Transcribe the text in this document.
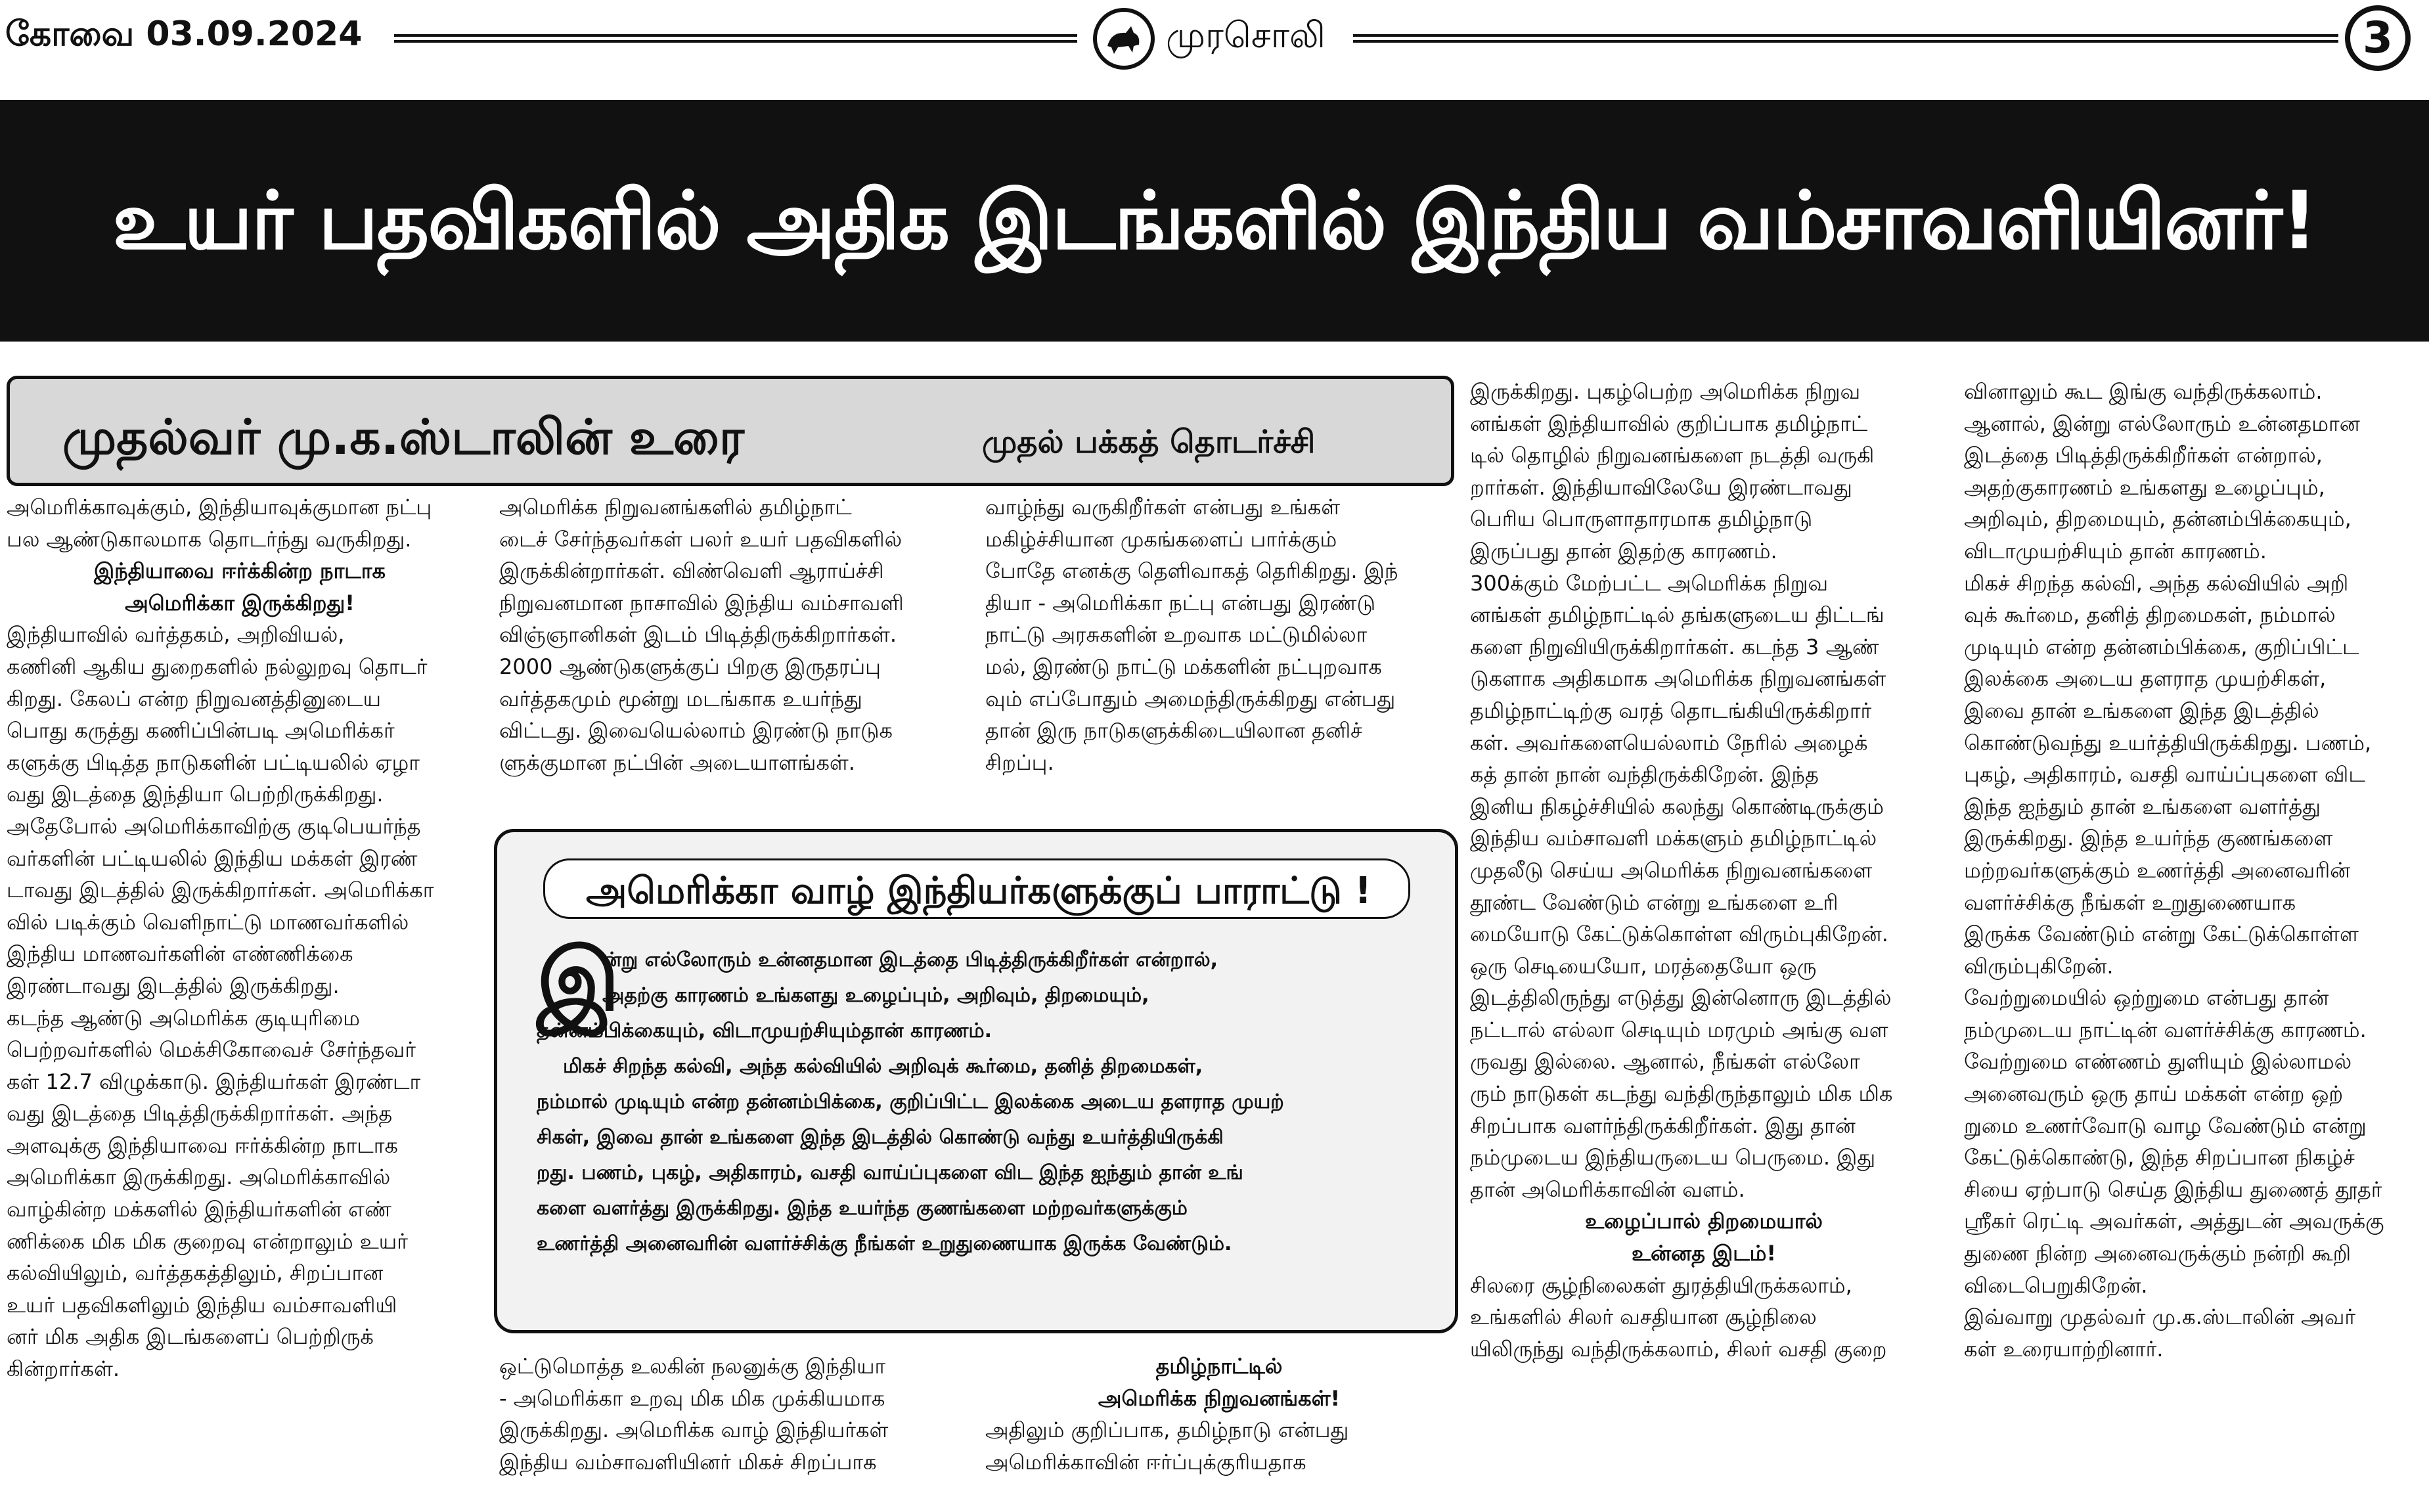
கோவை 03.09.2024	முரசொலி	3
உயர் பதவிகளில் அதிக இடங்களில் இந்திய வம்சாவளியினர்!
முதல்வர் மு.க.ஸ்டாலின் உரை	முதல் பக்கத் தொடர்ச்சி
அமெரிக்காவுக்கும், இந்தியாவுக்குமான நட்பு
பல ஆண்டுகாலமாக தொடர்ந்து வருகிறது.
இந்தியாவை ஈர்க்கின்ற நாடாக
அமெரிக்கா இருக்கிறது!
இந்தியாவில் வர்த்தகம், அறிவியல்,
கணினி ஆகிய துறைகளில் நல்லுறவு தொடர்
கிறது. கேலப் என்ற நிறுவனத்தினுடைய
பொது கருத்து கணிப்பின்படி அமெரிக்கர்
களுக்கு பிடித்த நாடுகளின் பட்டியலில் ஏழா
வது இடத்தை இந்தியா பெற்றிருக்கிறது.
அதேபோல் அமெரிக்காவிற்கு குடிபெயர்ந்த
வர்களின் பட்டியலில் இந்திய மக்கள் இரண்
டாவது இடத்தில் இருக்கிறார்கள். அமெரிக்கா
வில் படிக்கும் வெளிநாட்டு மாணவர்களில்
இந்திய மாணவர்களின் எண்ணிக்கை
இரண்டாவது இடத்தில் இருக்கிறது.
கடந்த ஆண்டு அமெரிக்க குடியுரிமை
பெற்றவர்களில் மெக்சிகோவைச் சேர்ந்தவர்
கள் 12.7 விழுக்காடு. இந்தியர்கள் இரண்டா
வது இடத்தை பிடித்திருக்கிறார்கள். அந்த
அளவுக்கு இந்தியாவை ஈர்க்கின்ற நாடாக
அமெரிக்கா இருக்கிறது. அமெரிக்காவில்
வாழ்கின்ற மக்களில் இந்தியர்களின் எண்
ணிக்கை மிக மிக குறைவு என்றாலும் உயர்
கல்வியிலும், வர்த்தகத்திலும், சிறப்பான
உயர் பதவிகளிலும் இந்திய வம்சாவளியி
னர் மிக அதிக இடங்களைப் பெற்றிருக்
கின்றார்கள்.
அமெரிக்க நிறுவனங்களில் தமிழ்நாட்
டைச் சேர்ந்தவர்கள் பலர் உயர் பதவிகளில்
இருக்கின்றார்கள். விண்வெளி ஆராய்ச்சி
நிறுவனமான நாசாவில் இந்திய வம்சாவளி
விஞ்ஞானிகள் இடம் பிடித்திருக்கிறார்கள்.
2000 ஆண்டுகளுக்குப் பிறகு இருதரப்பு
வர்த்தகமும் மூன்று மடங்காக உயர்ந்து
விட்டது. இவையெல்லாம் இரண்டு நாடுக
ளுக்குமான நட்பின் அடையாளங்கள்.
வாழ்ந்து வருகிறீர்கள் என்பது உங்கள்
மகிழ்ச்சியான முகங்களைப் பார்க்கும்
போதே எனக்கு தெளிவாகத் தெரிகிறது. இந்
தியா - அமெரிக்கா நட்பு என்பது இரண்டு
நாட்டு அரசுகளின் உறவாக மட்டுமில்லா
மல், இரண்டு நாட்டு மக்களின் நட்புறவாக
வும் எப்போதும் அமைந்திருக்கிறது என்பது
தான் இரு நாடுகளுக்கிடையிலான தனிச்
சிறப்பு.
அமெரிக்கா வாழ் இந்தியர்களுக்குப் பாராட்டு !
இ
ன்று எல்லோரும் உன்னதமான இடத்தை பிடித்திருக்கிறீர்கள் என்றால்,
அதற்கு காரணம் உங்களது உழைப்பும், அறிவும், திறமையும்,
தன்னம்பிக்கையும், விடாமுயற்சியும்தான் காரணம்.
மிகச் சிறந்த கல்வி, அந்த கல்வியில் அறிவுக் கூர்மை, தனித் திறமைகள்,
நம்மால் முடியும் என்ற தன்னம்பிக்கை, குறிப்பிட்ட இலக்கை அடைய தளராத முயற்
சிகள், இவை தான் உங்களை இந்த இடத்தில் கொண்டு வந்து உயர்த்தியிருக்கி
றது. பணம், புகழ், அதிகாரம், வசதி வாய்ப்புகளை விட இந்த ஐந்தும் தான் உங்
களை வளர்த்து இருக்கிறது. இந்த உயர்ந்த குணங்களை மற்றவர்களுக்கும்
உணர்த்தி அனைவரின் வளர்ச்சிக்கு நீங்கள் உறுதுணையாக இருக்க வேண்டும்.
ஒட்டுமொத்த உலகின் நலனுக்கு இந்தியா
- அமெரிக்கா உறவு மிக மிக முக்கியமாக
இருக்கிறது. அமெரிக்க வாழ் இந்தியர்கள்
இந்திய வம்சாவளியினர் மிகச் சிறப்பாக
தமிழ்நாட்டில்
அமெரிக்க நிறுவனங்கள்!
அதிலும் குறிப்பாக, தமிழ்நாடு என்பது
அமெரிக்காவின் ஈர்ப்புக்குரியதாக
இருக்கிறது. புகழ்பெற்ற அமெரிக்க நிறுவ
னங்கள் இந்தியாவில் குறிப்பாக தமிழ்நாட்
டில் தொழில் நிறுவனங்களை நடத்தி வருகி
றார்கள். இந்தியாவிலேயே இரண்டாவது
பெரிய பொருளாதாரமாக தமிழ்நாடு
இருப்பது தான் இதற்கு காரணம்.
300க்கும் மேற்பட்ட அமெரிக்க நிறுவ
னங்கள் தமிழ்நாட்டில் தங்களுடைய திட்டங்
களை நிறுவியிருக்கிறார்கள். கடந்த 3 ஆண்
டுகளாக அதிகமாக அமெரிக்க நிறுவனங்கள்
தமிழ்நாட்டிற்கு வரத் தொடங்கியிருக்கிறார்
கள். அவர்களையெல்லாம் நேரில் அழைக்
கத் தான் நான் வந்திருக்கிறேன். இந்த
இனிய நிகழ்ச்சியில் கலந்து கொண்டிருக்கும்
இந்திய வம்சாவளி மக்களும் தமிழ்நாட்டில்
முதலீடு செய்ய அமெரிக்க நிறுவனங்களை
தூண்ட வேண்டும் என்று உங்களை உரி
மையோடு கேட்டுக்கொள்ள விரும்புகிறேன்.
ஒரு செடியையோ, மரத்தையோ ஒரு
இடத்திலிருந்து எடுத்து இன்னொரு இடத்தில்
நட்டால் எல்லா செடியும் மரமும் அங்கு வள
ருவது இல்லை. ஆனால், நீங்கள் எல்லோ
ரும் நாடுகள் கடந்து வந்திருந்தாலும் மிக மிக
சிறப்பாக வளர்ந்திருக்கிறீர்கள். இது தான்
நம்முடைய இந்தியருடைய பெருமை. இது
தான் அமெரிக்காவின் வளம்.
உழைப்பால் திறமையால்
உன்னத இடம்!
சிலரை சூழ்நிலைகள் துரத்தியிருக்கலாம்,
உங்களில் சிலர் வசதியான சூழ்நிலை
யிலிருந்து வந்திருக்கலாம், சிலர் வசதி குறை
வினாலும் கூட இங்கு வந்திருக்கலாம்.
ஆனால், இன்று எல்லோரும் உன்னதமான
இடத்தை பிடித்திருக்கிறீர்கள் என்றால்,
அதற்குகாரணம் உங்களது உழைப்பும்,
அறிவும், திறமையும், தன்னம்பிக்கையும்,
விடாமுயற்சியும் தான் காரணம்.
மிகச் சிறந்த கல்வி, அந்த கல்வியில் அறி
வுக் கூர்மை, தனித் திறமைகள், நம்மால்
முடியும் என்ற தன்னம்பிக்கை, குறிப்பிட்ட
இலக்கை அடைய தளராத முயற்சிகள்,
இவை தான் உங்களை இந்த இடத்தில்
கொண்டுவந்து உயர்த்தியிருக்கிறது. பணம்,
புகழ், அதிகாரம், வசதி வாய்ப்புகளை விட
இந்த ஐந்தும் தான் உங்களை வளர்த்து
இருக்கிறது. இந்த உயர்ந்த குணங்களை
மற்றவர்களுக்கும் உணர்த்தி அனைவரின்
வளர்ச்சிக்கு நீங்கள் உறுதுணையாக
இருக்க வேண்டும் என்று கேட்டுக்கொள்ள
விரும்புகிறேன்.
வேற்றுமையில் ஒற்றுமை என்பது தான்
நம்முடைய நாட்டின் வளர்ச்சிக்கு காரணம்.
வேற்றுமை எண்ணம் துளியும் இல்லாமல்
அனைவரும் ஒரு தாய் மக்கள் என்ற ஒற்
றுமை உணர்வோடு வாழ வேண்டும் என்று
கேட்டுக்கொண்டு, இந்த சிறப்பான நிகழ்ச்
சியை ஏற்பாடு செய்த இந்திய துணைத் தூதர்
ஸ்ரீகர் ரெட்டி அவர்கள், அத்துடன் அவருக்கு
துணை நின்ற அனைவருக்கும் நன்றி கூறி
விடைபெறுகிறேன்.
இவ்வாறு முதல்வர் மு.க.ஸ்டாலின் அவர்
கள் உரையாற்றினார்.
